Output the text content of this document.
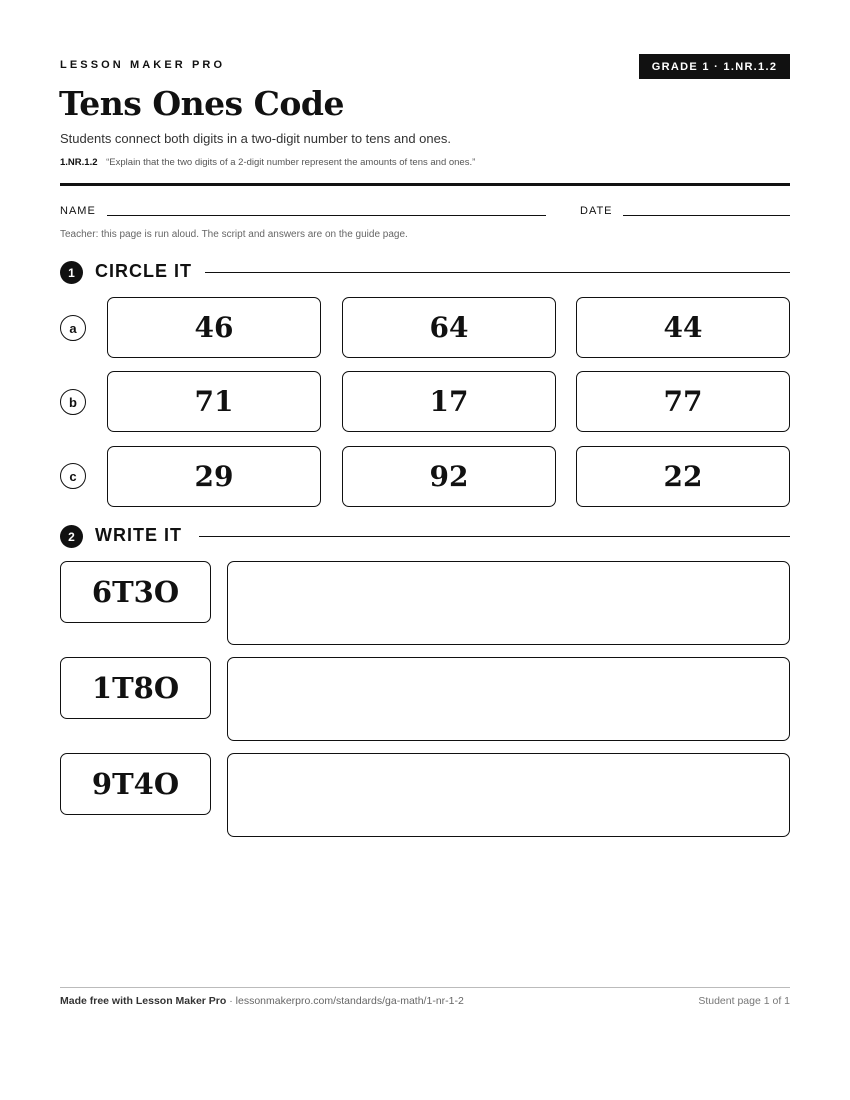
LESSON MAKER PRO	GRADE 1 · 1.NR.1.2
Tens Ones Code
Students connect both digits in a two-digit number to tens and ones.
1.NR.1.2 “Explain that the two digits of a 2-digit number represent the amounts of tens and ones.”
NAME	DATE
Teacher: this page is run aloud. The script and answers are on the guide page.
1	CIRCLE IT
a	46	64	44
b	71	17	77
c	29	92	22
2	WRITE IT
6T3O
1T8O
9T4O
Made free with Lesson Maker Pro · lessonmakerpro.com/standards/ga-math/1-nr-1-2	Student page 1 of 1
